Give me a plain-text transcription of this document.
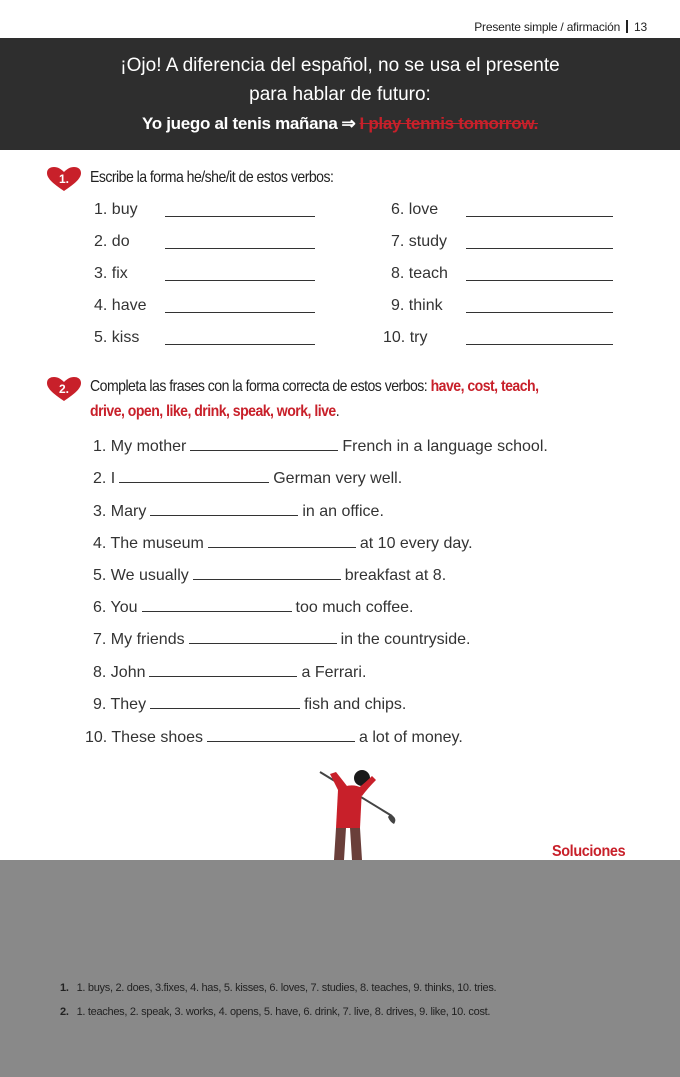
Presente simple / afirmación 13
¡Ojo! A diferencia del español, no se usa el presente
para hablar de futuro:
Yo juego al tenis mañana ⇒ I play tennis tomorrow.
1. Escribe la forma he/she/it de estos verbos:
1. buy	6. love
2. do	7. study
3. fix	8. teach
4. have	9. think
5. kiss	10. try
2. Completa las frases con la forma correcta de estos verbos: have, cost, teach,
drive, open, like, drink, speak, work, live.
1. My mother	French in a language school.
2. I	German very well.
3. Mary	in an office.
4. The museum	at 10 every day.
5. We usually	breakfast at 8.
6. You	too much coffee.
7. My friends	in the countryside.
8. John	a Ferrari.
9. They	fish and chips.
10. These shoes	a lot of money.
Soluciones
1. 1. buys, 2. does, 3.fixes, 4. has, 5. kisses, 6. loves, 7. studies, 8. teaches, 9. thinks, 10. tries.
2. 1. teaches, 2. speak, 3. works, 4. opens, 5. have, 6. drink, 7. live, 8. drives, 9. like, 10. cost.
